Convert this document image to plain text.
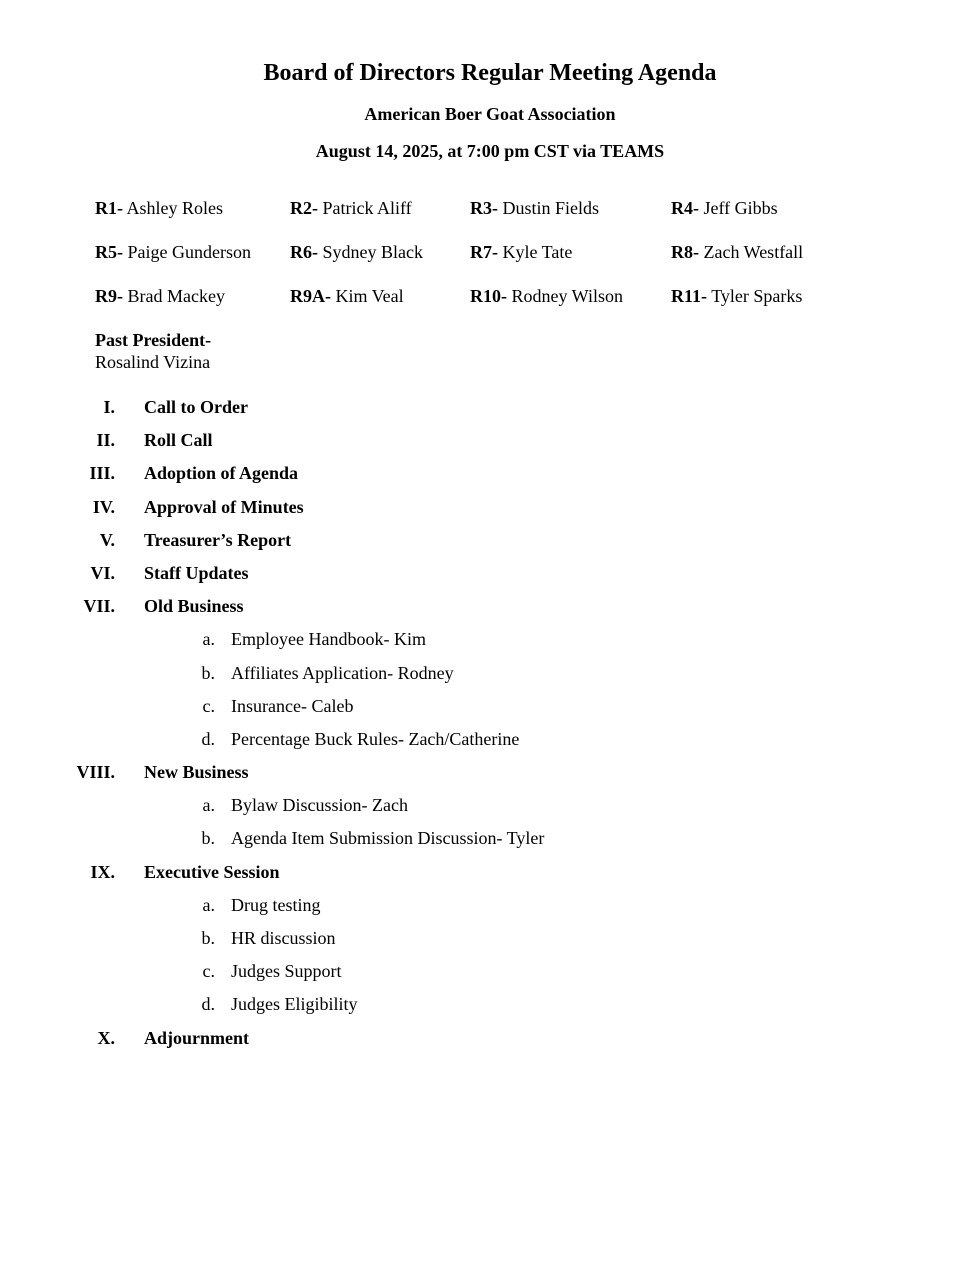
Board of Directors Regular Meeting Agenda
American Boer Goat Association
August 14, 2025, at 7:00 pm CST via TEAMS
R1- Ashley Roles	R2- Patrick Aliff	R3- Dustin Fields	R4- Jeff Gibbs
R5- Paige Gunderson R6- Sydney Black	R7- Kyle Tate	R8- Zach Westfall
R9- Brad Mackey	R9A- Kim Veal	R10- Rodney Wilson	R11- Tyler Sparks
Past President-
Rosalind Vizina
I. Call to Order
II. Roll Call
III. Adoption of Agenda
IV. Approval of Minutes
V. Treasurer’s Report
VI. Staff Updates
VII. Old Business
a. Employee Handbook- Kim
b. Affiliates Application- Rodney
c. Insurance- Caleb
d. Percentage Buck Rules- Zach/Catherine
VIII. New Business
a. Bylaw Discussion- Zach
b. Agenda Item Submission Discussion- Tyler
IX. Executive Session
a. Drug testing
b. HR discussion
c. Judges Support
d. Judges Eligibility
X. Adjournment
